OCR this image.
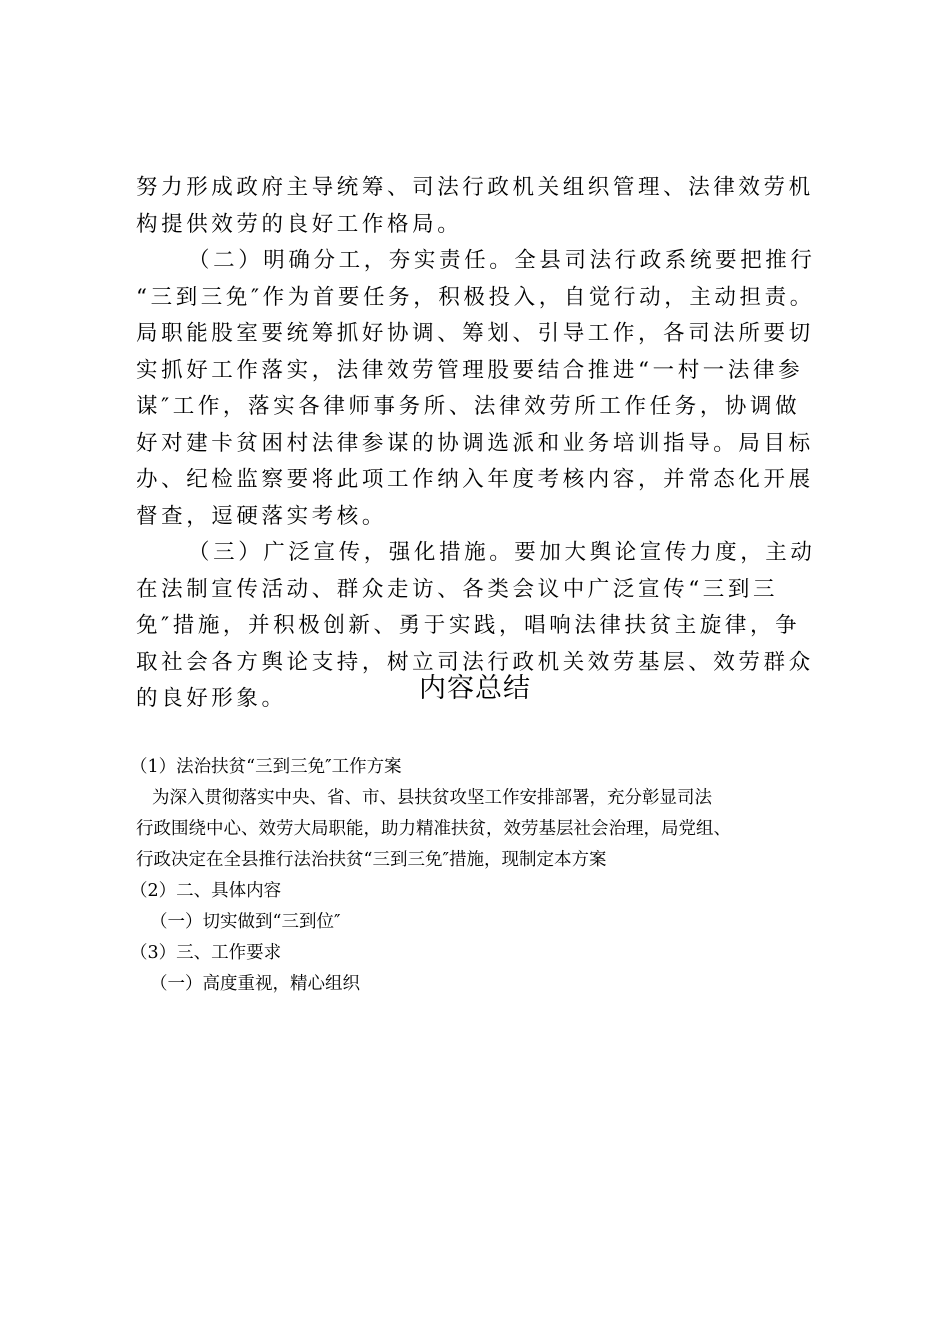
努力形成政府主导统筹、司法行政机关组织管理、法律效劳机
构提供效劳的良好工作格局。
（二）明确分工，夯实责任。全县司法行政系统要把推行
“三到三免″作为首要任务，积极投入，自觉行动，主动担责。
局职能股室要统筹抓好协调、筹划、引导工作，各司法所要切
实抓好工作落实，法律效劳管理股要结合推进“一村一法律参
谋″工作，落实各律师事务所、法律效劳所工作任务，协调做
好对建卡贫困村法律参谋的协调选派和业务培训指导。局目标
办、纪检监察要将此项工作纳入年度考核内容，并常态化开展
督查，逗硬落实考核。
（三）广泛宣传，强化措施。要加大舆论宣传力度，主动
在法制宣传活动、群众走访、各类会议中广泛宣传“三到三
免″措施，并积极创新、勇于实践，唱响法律扶贫主旋律，争
取社会各方舆论支持，树立司法行政机关效劳基层、效劳群众
的良好形象。	内容总结
（1）法治扶贫“三到三免″工作方案
为深入贯彻落实中央、省、市、县扶贫攻坚工作安排部署，充分彰显司法
行政围绕中心、效劳大局职能，助力精准扶贫，效劳基层社会治理，局党组、
行政决定在全县推行法治扶贫“三到三免″措施，现制定本方案
（2）二、具体内容
（一）切实做到“三到位″
（3）三、工作要求
（一）高度重视，精心组织
